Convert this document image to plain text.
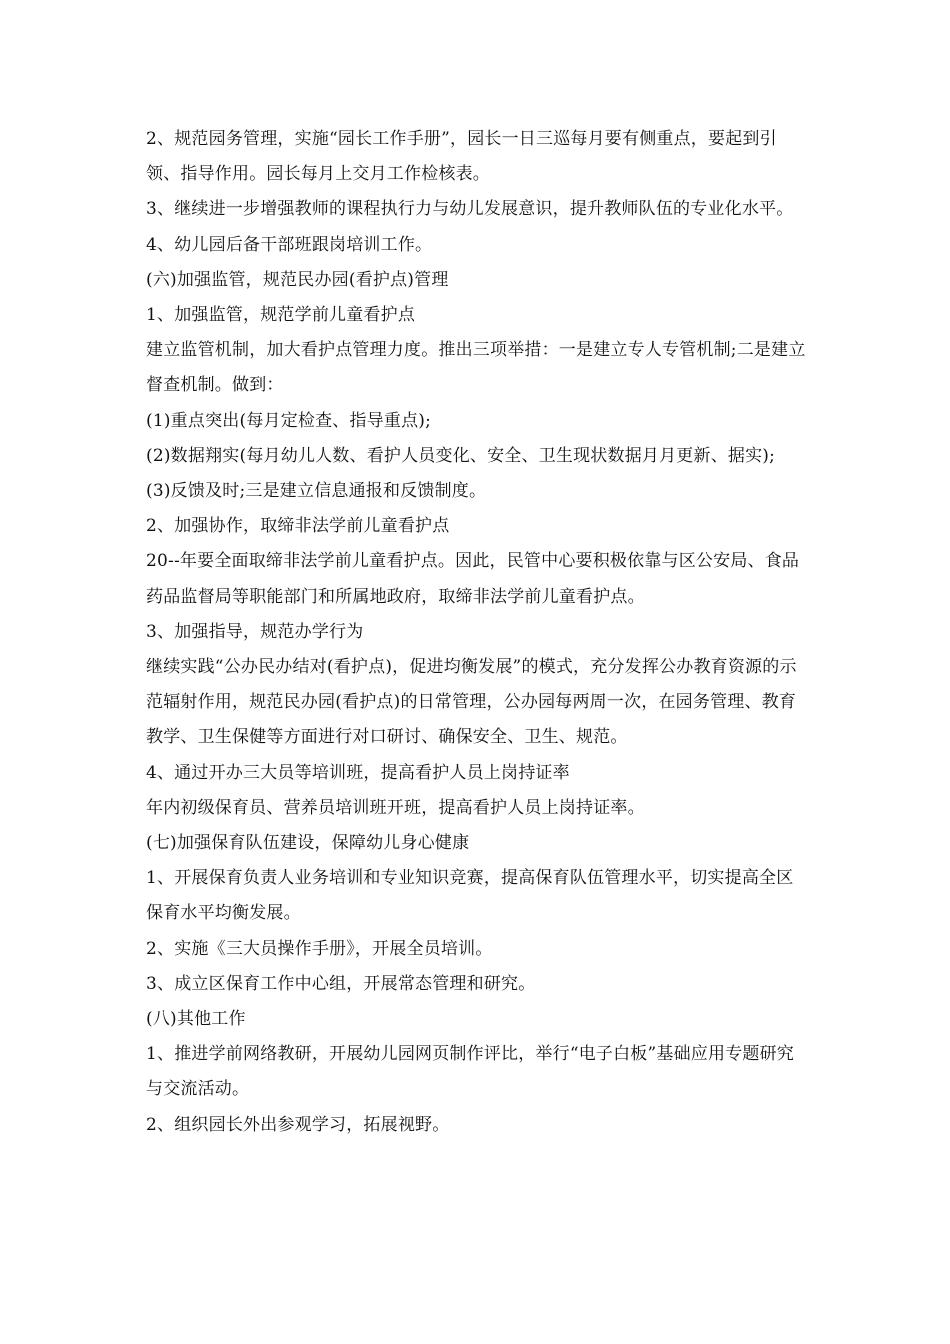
2、规范园务管理，实施“园长工作手册”，园长一日三巡每月要有侧重点，要起到引领、指导作用。园长每月上交月工作检核表。

3、继续进一步增强教师的课程执行力与幼儿发展意识，提升教师队伍的专业化水平。

4、幼儿园后备干部班跟岗培训工作。

(六)加强监管，规范民办园(看护点)管理

1、加强监管，规范学前儿童看护点

建立监管机制，加大看护点管理力度。推出三项举措：一是建立专人专管机制;二是建立督查机制。做到：

(1)重点突出(每月定检查、指导重点);

(2)数据翔实(每月幼儿人数、看护人员变化、安全、卫生现状数据月月更新、据实);

(3)反馈及时;三是建立信息通报和反馈制度。

2、加强协作，取缔非法学前儿童看护点

20--年要全面取缔非法学前儿童看护点。因此，民管中心要积极依靠与区公安局、食品药品监督局等职能部门和所属地政府，取缔非法学前儿童看护点。

3、加强指导，规范办学行为

继续实践“公办民办结对(看护点)，促进均衡发展”的模式，充分发挥公办教育资源的示范辐射作用，规范民办园(看护点)的日常管理，公办园每两周一次，在园务管理、教育教学、卫生保健等方面进行对口研讨、确保安全、卫生、规范。

4、通过开办三大员等培训班，提高看护人员上岗持证率

年内初级保育员、营养员培训班开班，提高看护人员上岗持证率。

(七)加强保育队伍建设，保障幼儿身心健康

1、开展保育负责人业务培训和专业知识竞赛，提高保育队伍管理水平，切实提高全区保育水平均衡发展。

2、实施《三大员操作手册》，开展全员培训。

3、成立区保育工作中心组，开展常态管理和研究。

(八)其他工作

1、推进学前网络教研，开展幼儿园网页制作评比，举行“电子白板”基础应用专题研究与交流活动。

2、组织园长外出参观学习，拓展视野。
